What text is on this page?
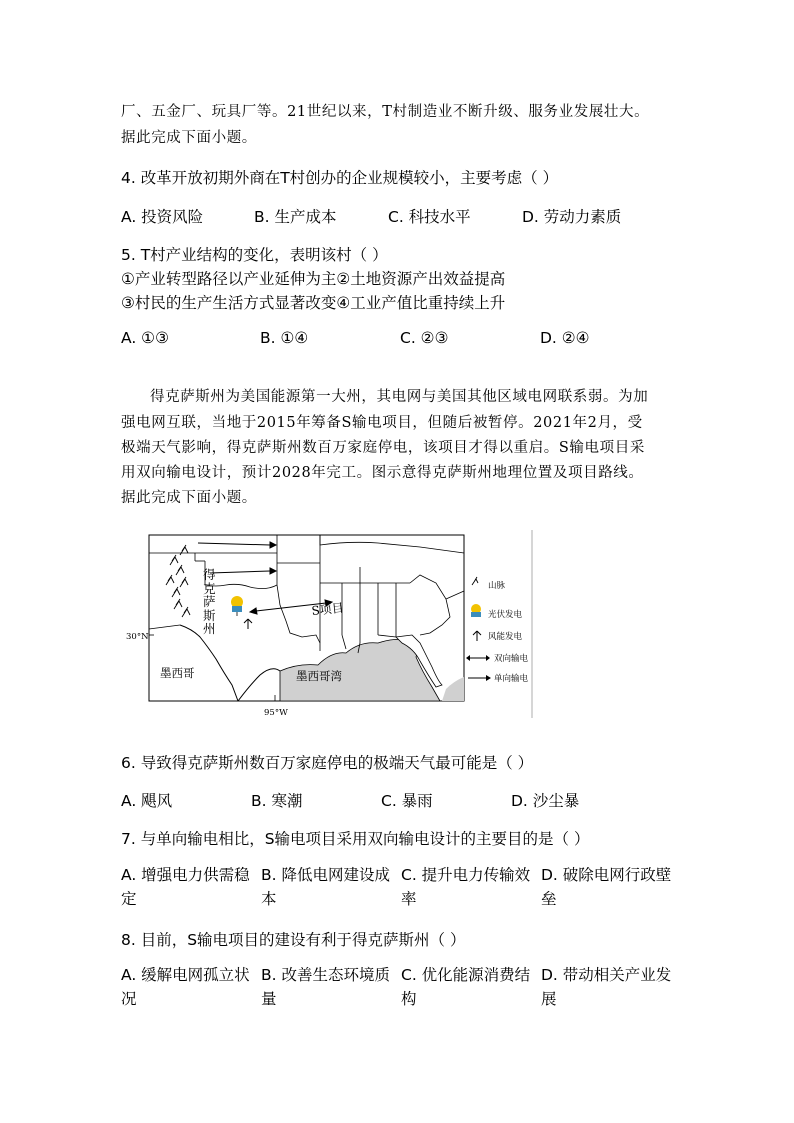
厂、五金厂、玩具厂等。21世纪以来，T村制造业不断升级、服务业发展壮大。
据此完成下面小题。
4. 改革开放初期外商在T村创办的企业规模较小，主要考虑（ ）
A. 投资风险	B. 生产成本	C. 科技水平	D. 劳动力素质
5. T村产业结构的变化，表明该村（ ）
①产业转型路径以产业延伸为主②土地资源产出效益提高
③村民的生产生活方式显著改变④工业产值比重持续上升
A. ①③	B. ①④	C. ②③	D. ②④
得克萨斯州为美国能源第一大州，其电网与美国其他区域电网联系弱。为加
强电网互联，当地于2015年筹备S输电项目，但随后被暂停。2021年2月，受
极端天气影响，得克萨斯州数百万家庭停电，该项目才得以重启。S输电项目采
用双向输电设计，预计2028年完工。图示意得克萨斯州地理位置及项目路线。
据此完成下面小题。
S项目
墨西哥	墨西哥湾
30°N
95°W
山脉
光伏发电
风能发电
双向输电
单向输电
得克萨斯州
6. 导致得克萨斯州数百万家庭停电的极端天气最可能是（ ）
A. 飓风	B. 寒潮	C. 暴雨	D. 沙尘暴
7. 与单向输电相比，S输电项目采用双向输电设计的主要目的是（ ）
A. 增强电力供需稳定
B. 降低电网建设成本
C. 提升电力传输效率
D. 破除电网行政壁垒
8. 目前，S输电项目的建设有利于得克萨斯州（ ）
A. 缓解电网孤立状况
B. 改善生态环境质量
C. 优化能源消费结构
D. 带动相关产业发展
